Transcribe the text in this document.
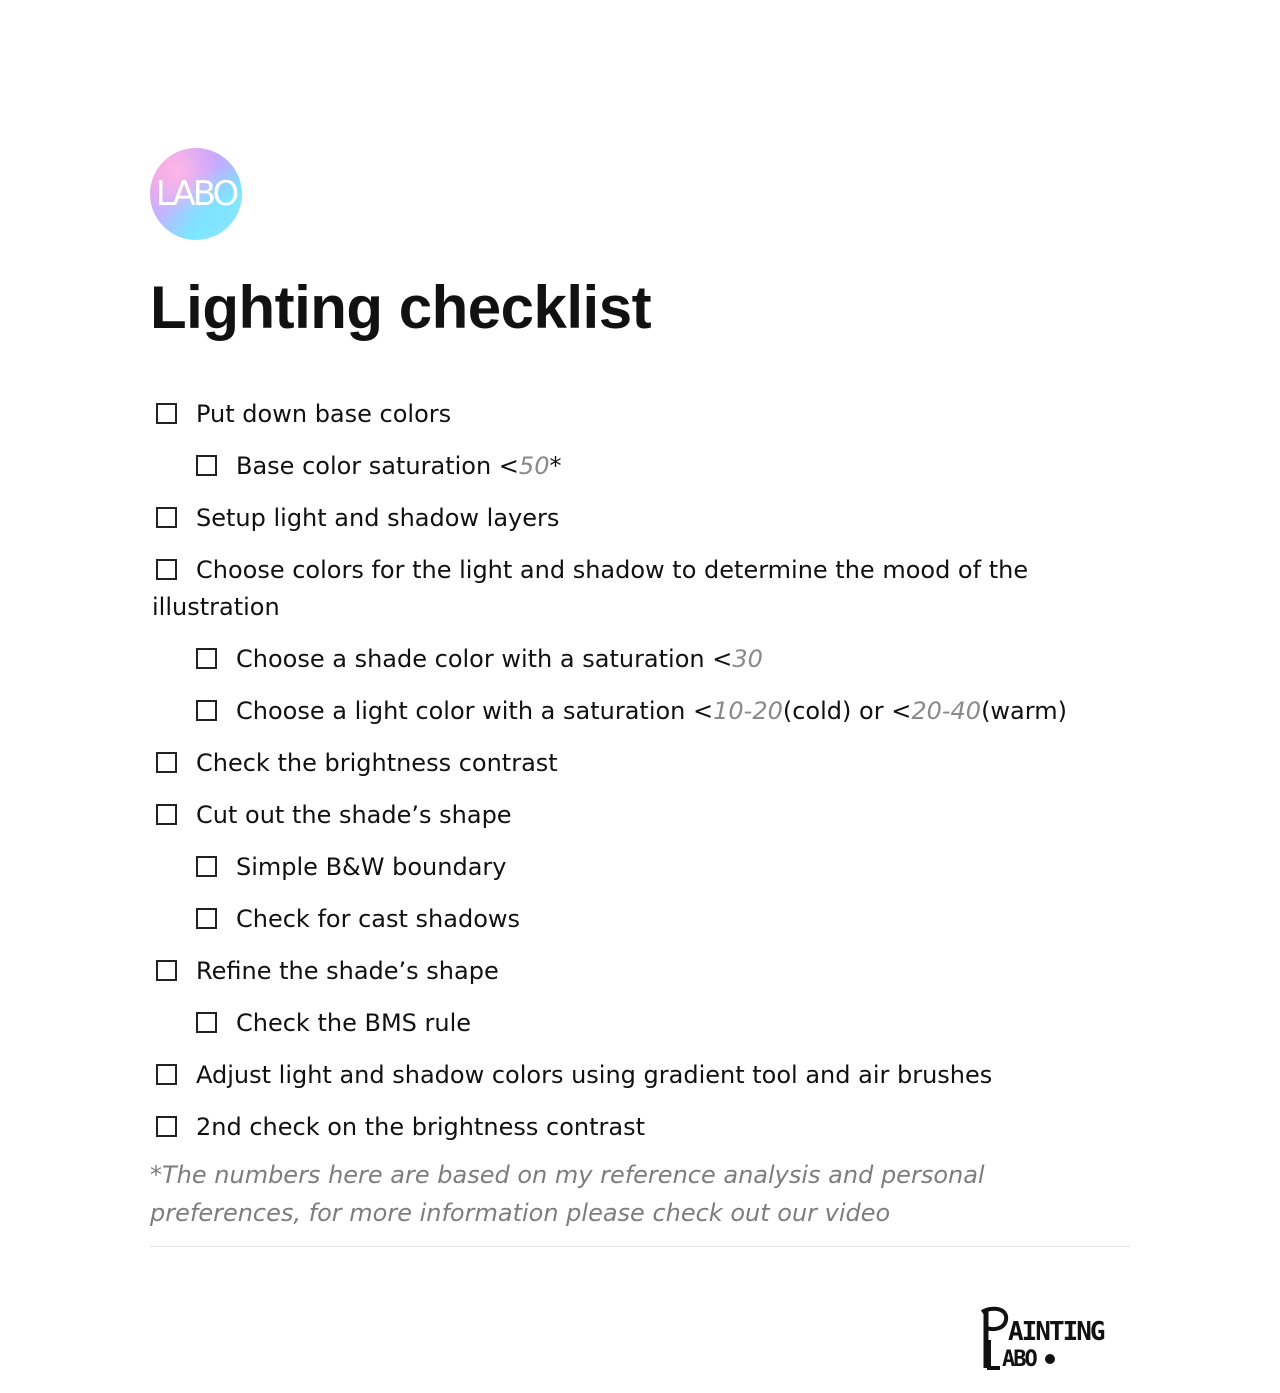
LABO
Lighting checklist
Put down base colors
Base color saturation <50*
Setup light and shadow layers
Choose colors for the light and shadow to determine the mood of the illustration
Choose a shade color with a saturation <30
Choose a light color with a saturation <10-20(cold) or <20-40(warm)
Check the brightness contrast
Cut out the shade’s shape
Simple B&W boundary
Check for cast shadows
Refine the shade’s shape
Check the BMS rule
Adjust light and shadow colors using gradient tool and air brushes
2nd check on the brightness contrast
*The numbers here are based on my reference analysis and personal preferences, for more information please check out our video
AINTING
ABO
